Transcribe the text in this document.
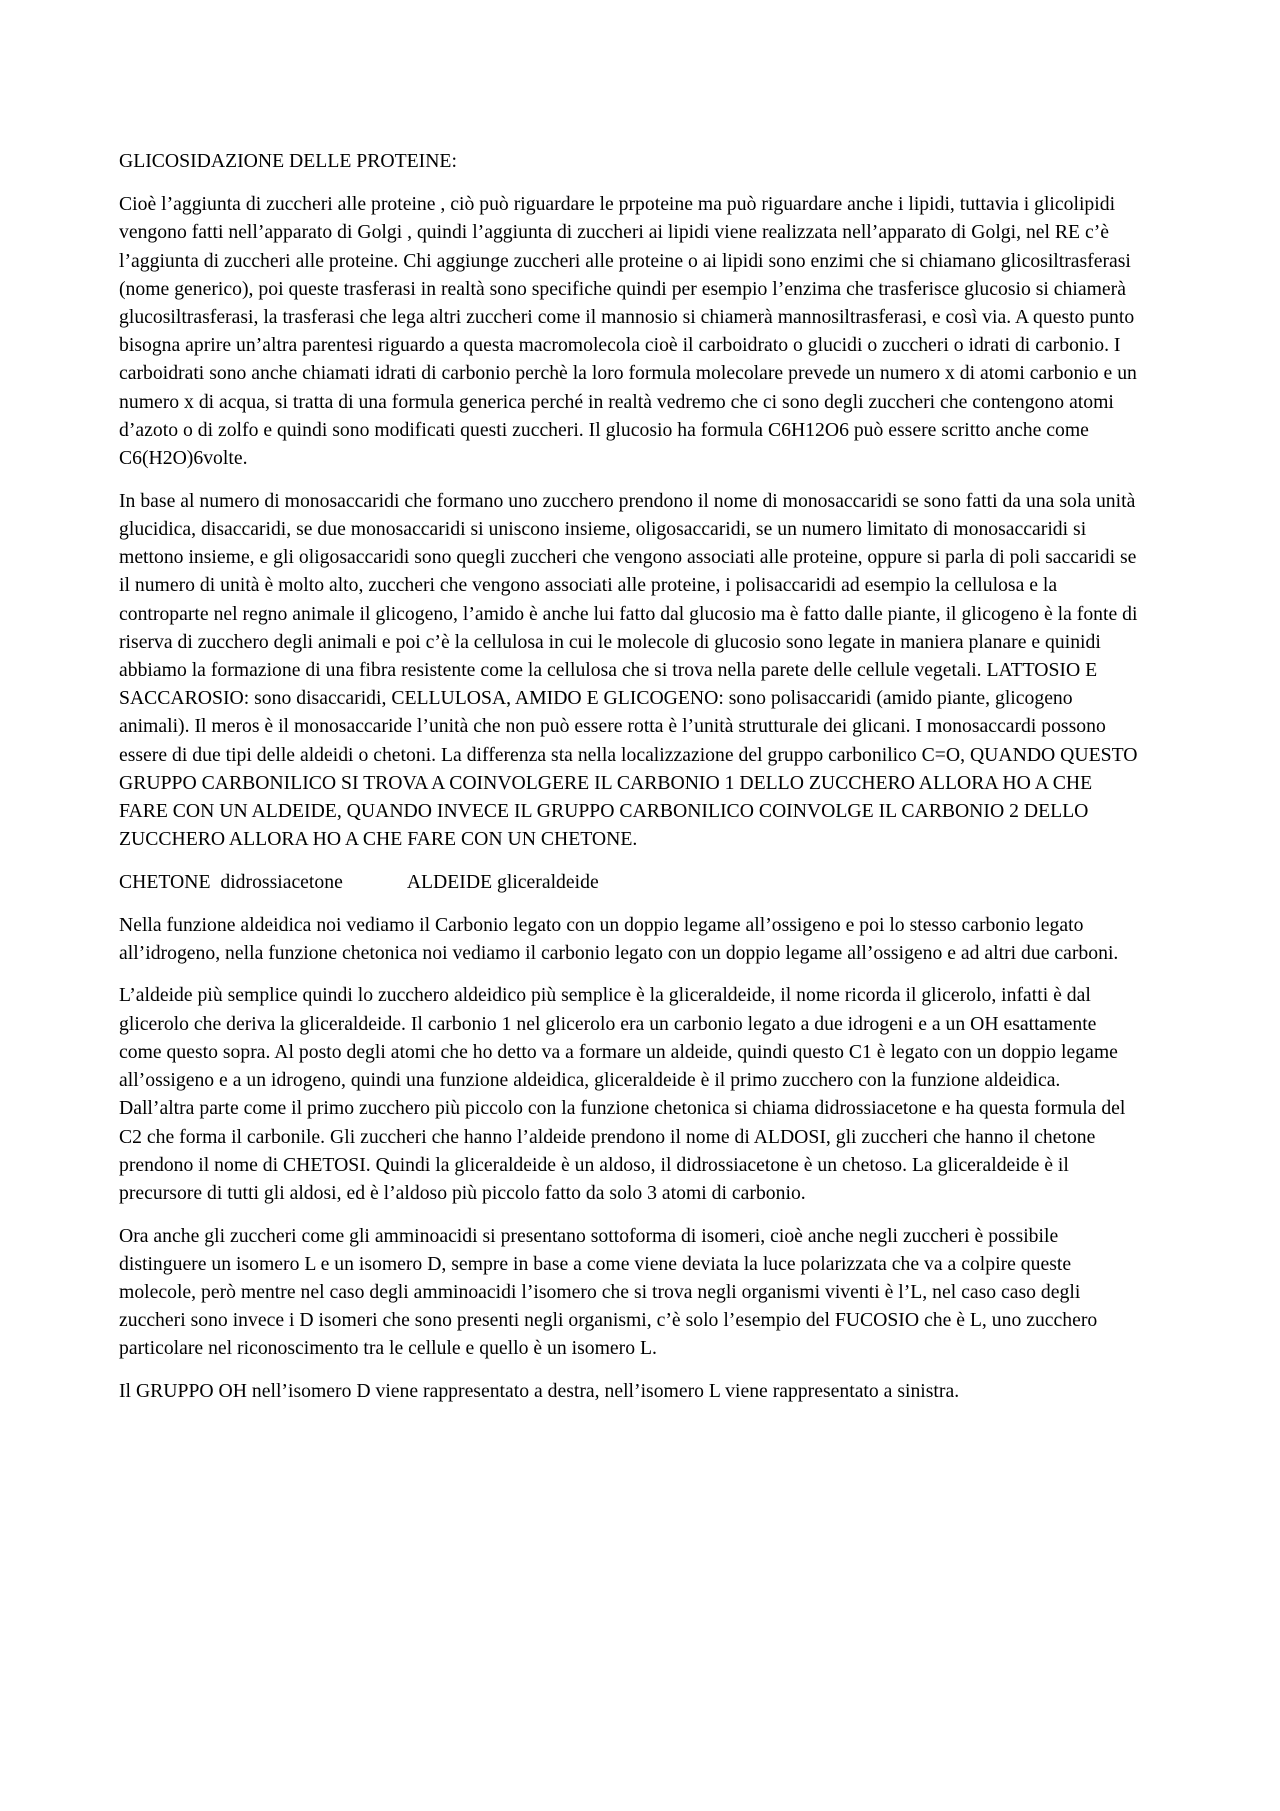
GLICOSIDAZIONE DELLE PROTEINE:

Cioè l’aggiunta di zuccheri alle proteine , ciò può riguardare le prpoteine ma può riguardare anche i lipidi, tuttavia i glicolipidi vengono fatti nell’apparato di Golgi , quindi l’aggiunta di zuccheri ai lipidi viene realizzata nell’apparato di Golgi, nel RE c’è l’aggiunta di zuccheri alle proteine. Chi aggiunge zuccheri alle proteine o ai lipidi sono enzimi che si chiamano glicosiltrasferasi (nome generico), poi queste trasferasi in realtà sono specifiche quindi per esempio l’enzima che trasferisce glucosio si chiamerà glucosiltrasferasi, la trasferasi che lega altri zuccheri come il mannosio si chiamerà mannosiltrasferasi, e così via. A questo punto bisogna aprire un’altra parentesi riguardo a questa macromolecola cioè il carboidrato o glucidi o zuccheri o idrati di carbonio. I carboidrati sono anche chiamati idrati di carbonio perchè la loro formula molecolare prevede un numero x di atomi carbonio e un numero x di acqua, si tratta di una formula generica perché in realtà vedremo che ci sono degli zuccheri che contengono atomi d’azoto o di zolfo e quindi sono modificati questi zuccheri. Il glucosio ha formula C6H12O6 può essere scritto anche come C6(H2O)6volte.

In base al numero di monosaccaridi che formano uno zucchero prendono il nome di monosaccaridi se sono fatti da una sola unità glucidica, disaccaridi, se due monosaccaridi si uniscono insieme, oligosaccaridi, se un numero limitato di monosaccaridi si mettono insieme, e gli oligosaccaridi sono quegli zuccheri che vengono associati alle proteine, oppure si parla di poli saccaridi se il numero di unità è molto alto, zuccheri che vengono associati alle proteine, i polisaccaridi ad esempio la cellulosa e la controparte nel regno animale il glicogeno, l’amido è anche lui fatto dal glucosio ma è fatto dalle piante, il glicogeno è la fonte di riserva di zucchero degli animali e poi c’è la cellulosa in cui le molecole di glucosio sono legate in maniera planare e quinidi abbiamo la formazione di una fibra resistente come la cellulosa che si trova nella parete delle cellule vegetali. LATTOSIO E SACCAROSIO: sono disaccaridi, CELLULOSA, AMIDO E GLICOGENO: sono polisaccaridi (amido piante, glicogeno animali). Il meros è il monosaccaride l’unità che non può essere rotta è l’unità strutturale dei glicani. I monosaccardi possono essere di due tipi delle aldeidi o chetoni. La differenza sta nella localizzazione del gruppo carbonilico C=O, QUANDO QUESTO GRUPPO CARBONILICO SI TROVA A COINVOLGERE IL CARBONIO 1 DELLO ZUCCHERO ALLORA HO A CHE FARE CON UN ALDEIDE, QUANDO INVECE IL GRUPPO CARBONILICO COINVOLGE IL CARBONIO 2 DELLO ZUCCHERO ALLORA HO A CHE FARE CON UN CHETONE.

CHETONE  didrossiacetone	ALDEIDE gliceraldeide

Nella funzione aldeidica noi vediamo il Carbonio legato con un doppio legame all’ossigeno e poi lo stesso carbonio legato all’idrogeno, nella funzione chetonica noi vediamo il carbonio legato con un doppio legame all’ossigeno e ad altri due carboni.

L’aldeide più semplice quindi lo zucchero aldeidico più semplice è la gliceraldeide, il nome ricorda il glicerolo, infatti è dal glicerolo che deriva la gliceraldeide. Il carbonio 1 nel glicerolo era un carbonio legato a due idrogeni e a un OH esattamente come questo sopra. Al posto degli atomi che ho detto va a formare un aldeide, quindi questo C1 è legato con un doppio legame all’ossigeno e a un idrogeno, quindi una funzione aldeidica, gliceraldeide è il primo zucchero con la funzione aldeidica. Dall’altra parte come il primo zucchero più piccolo con la funzione chetonica si chiama didrossiacetone e ha questa formula del C2 che forma il carbonile. Gli zuccheri che hanno l’aldeide prendono il nome di ALDOSI, gli zuccheri che hanno il chetone prendono il nome di CHETOSI. Quindi la gliceraldeide è un aldoso, il didrossiacetone è un chetoso. La gliceraldeide è il precursore di tutti gli aldosi, ed è l’aldoso più piccolo fatto da solo 3 atomi di carbonio.

Ora anche gli zuccheri come gli amminoacidi si presentano sottoforma di isomeri, cioè anche negli zuccheri è possibile distinguere un isomero L e un isomero D, sempre in base a come viene deviata la luce polarizzata che va a colpire queste molecole, però mentre nel caso degli amminoacidi l’isomero che si trova negli organismi viventi è l’L, nel caso caso degli zuccheri sono invece i D isomeri che sono presenti negli organismi, c’è solo l’esempio del FUCOSIO che è L, uno zucchero particolare nel riconoscimento tra le cellule e quello è un isomero L.

Il GRUPPO OH nell’isomero D viene rappresentato a destra, nell’isomero L viene rappresentato a sinistra.
